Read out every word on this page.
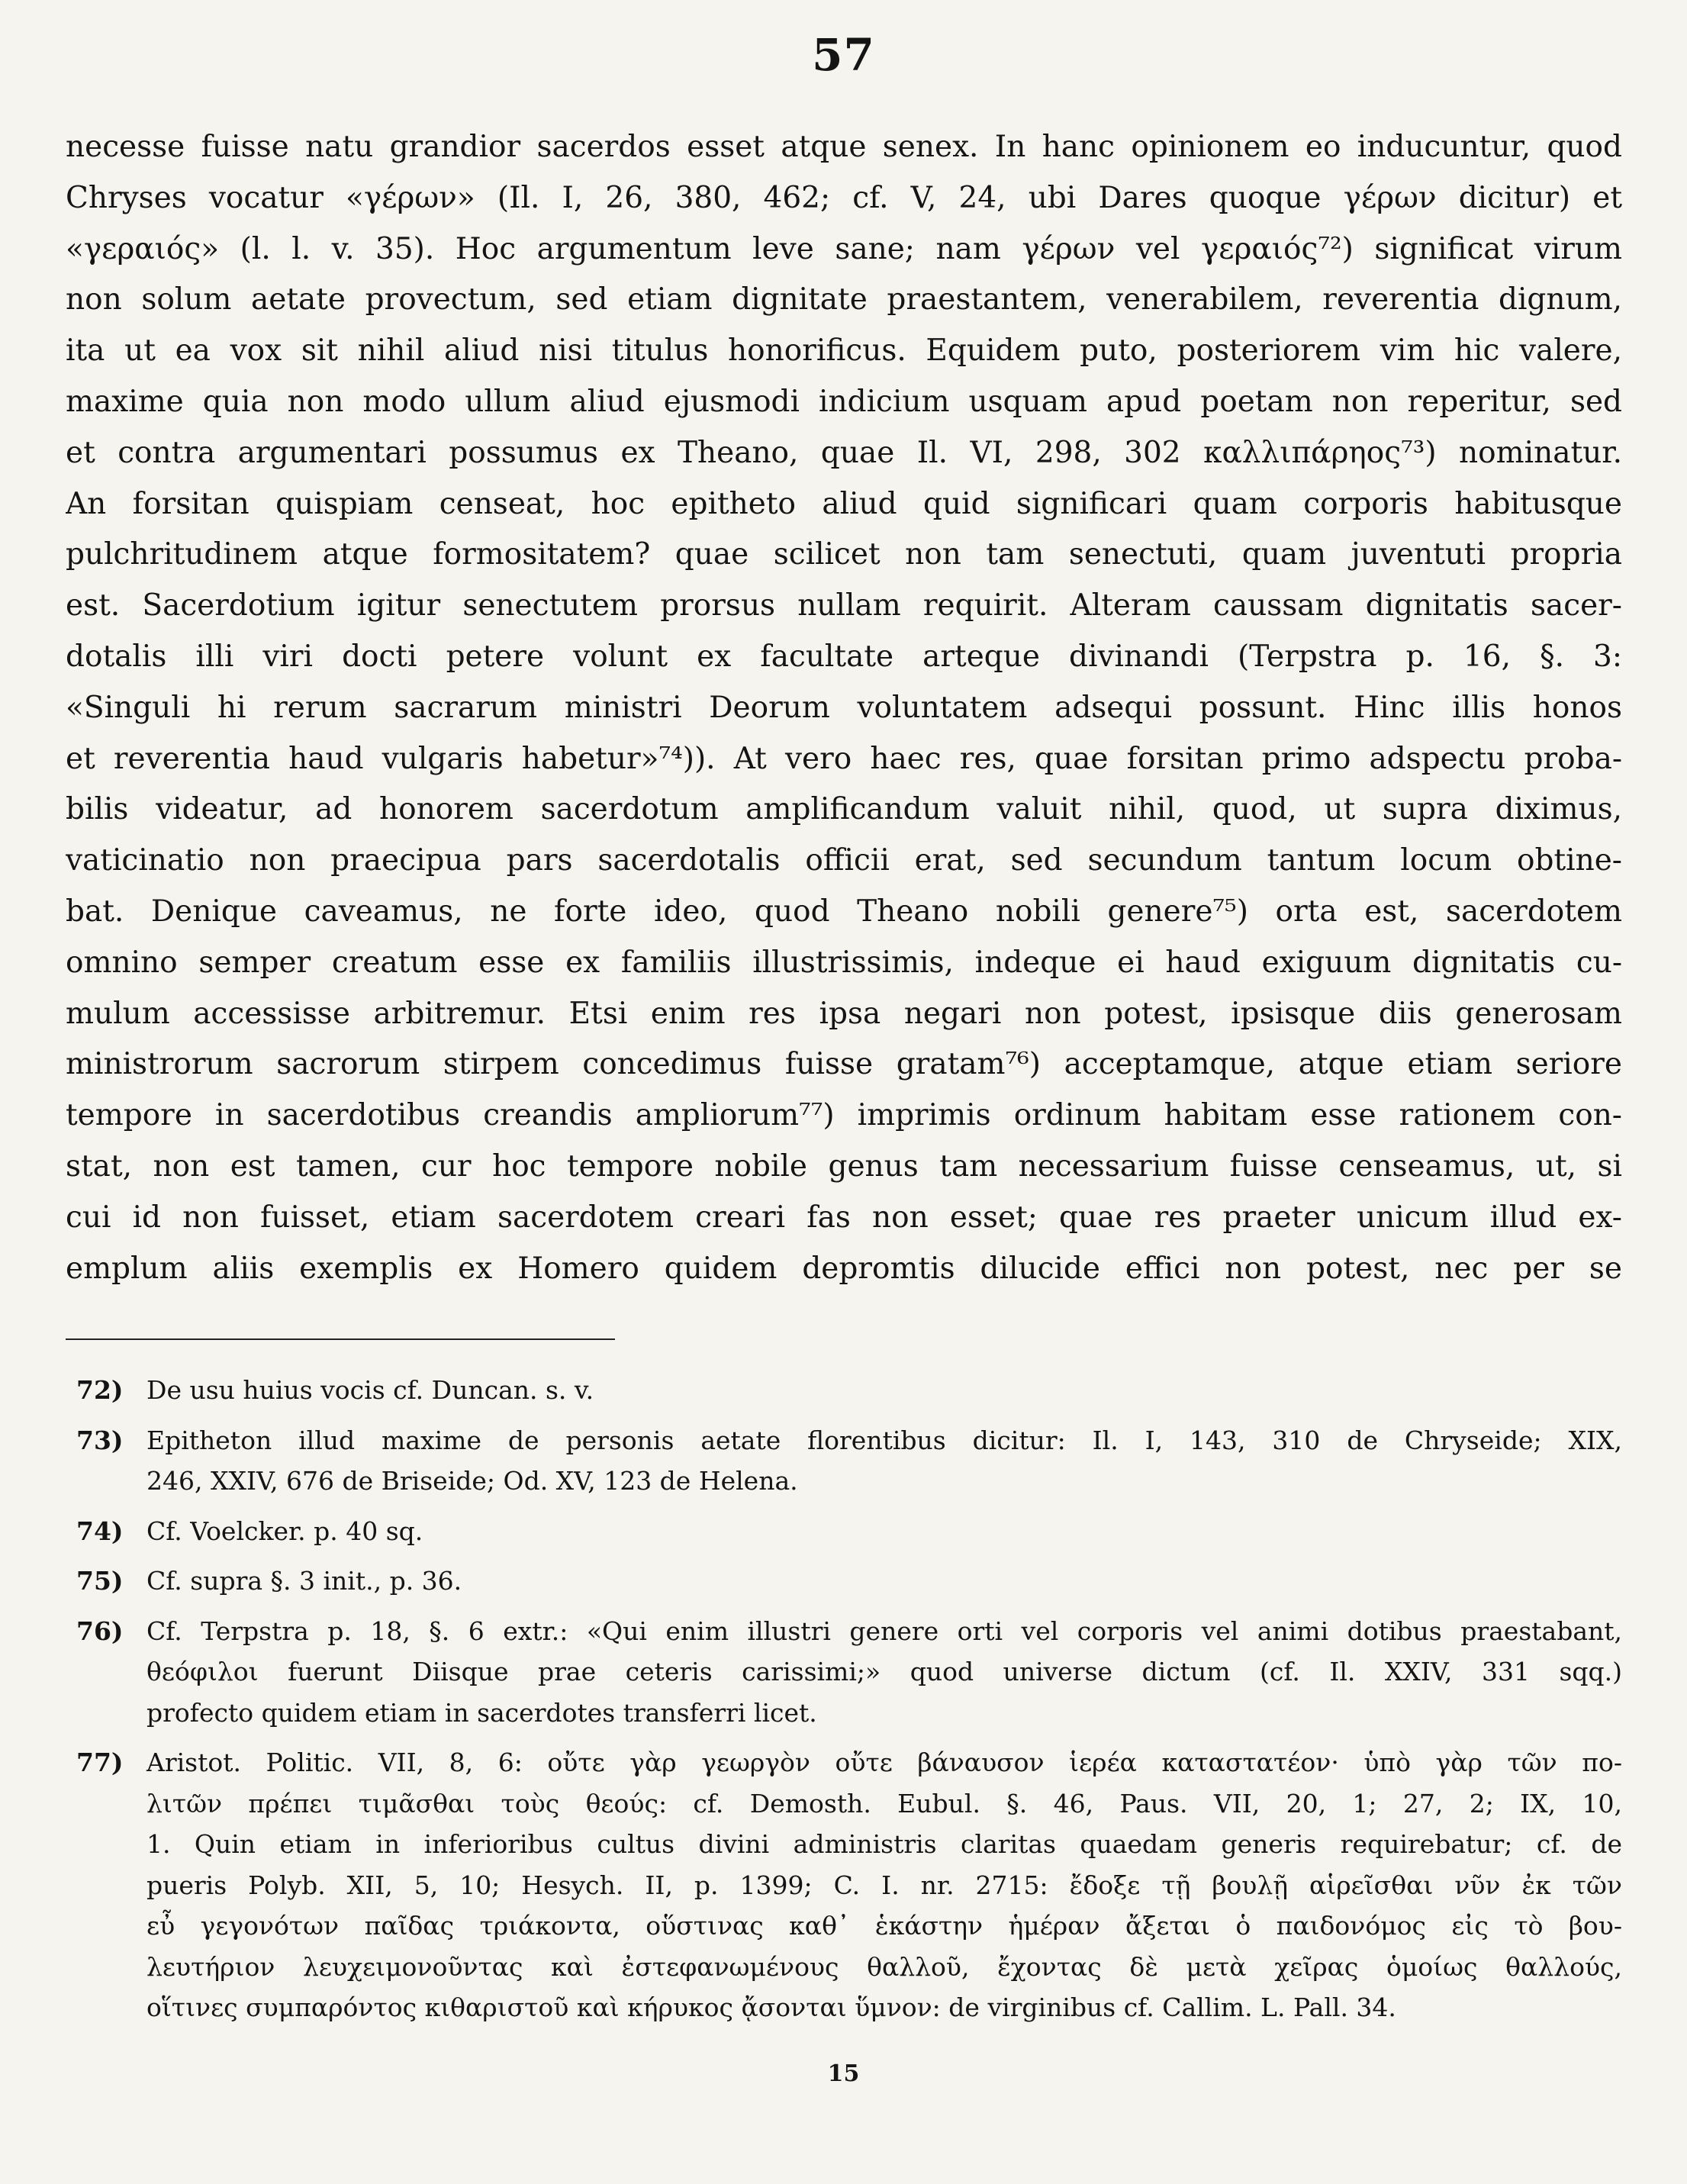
57
necesse fuisse natu grandior sacerdos esset atque senex. In hanc opinionem eo inducuntur, quod
Chryses vocatur «γέρων» (Il. I, 26, 380, 462; cf. V, 24, ubi Dares quoque γέρων dicitur) et
«γεραιός» (l. l. v. 35). Hoc argumentum leve sane; nam γέρων vel γεραιός⁷²) significat virum
non solum aetate provectum, sed etiam dignitate praestantem, venerabilem, reverentia dignum,
ita ut ea vox sit nihil aliud nisi titulus honorificus. Equidem puto, posteriorem vim hic valere,
maxime quia non modo ullum aliud ejusmodi indicium usquam apud poetam non reperitur, sed
et contra argumentari possumus ex Theano, quae Il. VI, 298, 302 καλλιπάρηος⁷³) nominatur.
An forsitan quispiam censeat, hoc epitheto aliud quid significari quam corporis habitusque
pulchritudinem atque formositatem? quae scilicet non tam senectuti, quam juventuti propria
est. Sacerdotium igitur senectutem prorsus nullam requirit. Alteram caussam dignitatis sacer-
dotalis illi viri docti petere volunt ex facultate arteque divinandi (Terpstra p. 16, §. 3:
«Singuli hi rerum sacrarum ministri Deorum voluntatem adsequi possunt. Hinc illis honos
et reverentia haud vulgaris habetur»⁷⁴)). At vero haec res, quae forsitan primo adspectu proba-
bilis videatur, ad honorem sacerdotum amplificandum valuit nihil, quod, ut supra diximus,
vaticinatio non praecipua pars sacerdotalis officii erat, sed secundum tantum locum obtine-
bat. Denique caveamus, ne forte ideo, quod Theano nobili genere⁷⁵) orta est, sacerdotem
omnino semper creatum esse ex familiis illustrissimis, indeque ei haud exiguum dignitatis cu-
mulum accessisse arbitremur. Etsi enim res ipsa negari non potest, ipsisque diis generosam
ministrorum sacrorum stirpem concedimus fuisse gratam⁷⁶) acceptamque, atque etiam seriore
tempore in sacerdotibus creandis ampliorum⁷⁷) imprimis ordinum habitam esse rationem con-
stat, non est tamen, cur hoc tempore nobile genus tam necessarium fuisse censeamus, ut, si
cui id non fuisset, etiam sacerdotem creari fas non esset; quae res praeter unicum illud ex-
emplum aliis exemplis ex Homero quidem depromtis dilucide effici non potest, nec per se
72) De usu huius vocis cf. Duncan. s. v.
73) Epitheton illud maxime de personis aetate florentibus dicitur: Il. I, 143, 310 de Chryseide; XIX,
246, XXIV, 676 de Briseide; Od. XV, 123 de Helena.
74) Cf. Voelcker. p. 40 sq.
75) Cf. supra §. 3 init., p. 36.
76) Cf. Terpstra p. 18, §. 6 extr.: «Qui enim illustri genere orti vel corporis vel animi dotibus praestabant,
θεόφιλοι fuerunt Diisque prae ceteris carissimi;» quod universe dictum (cf. Il. XXIV, 331 sqq.)
profecto quidem etiam in sacerdotes transferri licet.
77) Aristot. Politic. VII, 8, 6: οὔτε γὰρ γεωργὸν οὔτε βάναυσον ἱερέα καταστατέον· ὑπὸ γὰρ τῶν πο-
λιτῶν πρέπει τιμᾶσθαι τοὺς θεούς: cf. Demosth. Eubul. §. 46, Paus. VII, 20, 1; 27, 2; IX, 10,
1. Quin etiam in inferioribus cultus divini administris claritas quaedam generis requirebatur; cf. de
pueris Polyb. XII, 5, 10; Hesych. II, p. 1399; C. I. nr. 2715: ἔδοξε τῇ βουλῇ αἱρεῖσθαι νῦν ἐκ τῶν
εὖ γεγονότων παῖδας τριάκοντα, οὕστινας καθ᾽ ἑκάστην ἡμέραν ἄξεται ὁ παιδονόμος εἰς τὸ βου-
λευτήριον λευχειμονοῦντας καὶ ἐστεφανωμένους θαλλοῦ, ἔχοντας δὲ μετὰ χεῖρας ὁμοίως θαλλούς,
οἵτινες συμπαρόντος κιθαριστοῦ καὶ κήρυκος ᾄσονται ὕμνον: de virginibus cf. Callim. L. Pall. 34.
15
